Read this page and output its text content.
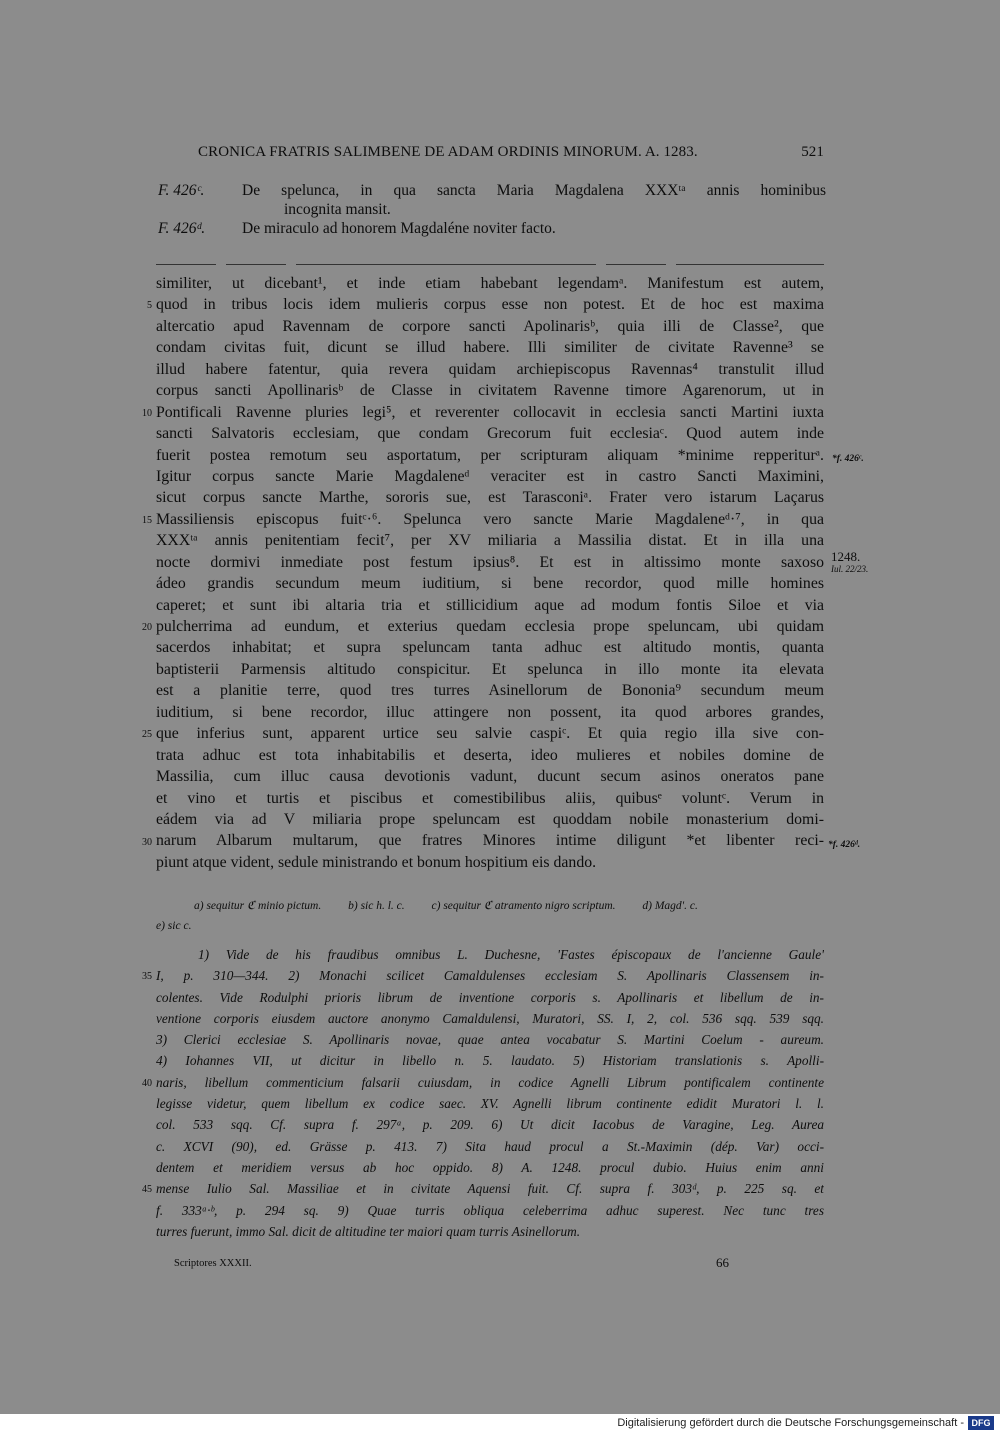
CRONICA FRATRIS SALIMBENE DE ADAM ORDINIS MINORUM. A. 1283.	521
F. 426ᶜ.	De spelunca, in qua sancta Maria Magdalena XXXᵗᵃ annis hominibus
incognita mansit.
F. 426ᵈ.	De miraculo ad honorem Magdaléne noviter facto.
similiter, ut dicebant¹, et inde etiam habebant legendamᵃ. Manifestum est autem,
quod in tribus locis idem mulieris corpus esse non potest. Et de hoc est maxima
altercatio apud Ravennam de corpore sancti Apolinarisᵇ, quia illi de Classe², que
condam civitas fuit, dicunt se illud habere. Illi similiter de civitate Ravenne³ se
illud habere fatentur, quia revera quidam archiepiscopus Ravennas⁴ transtulit illud
corpus sancti Apollinarisᵇ de Classe in civitatem Ravenne timore Agarenorum, ut in
Pontificali Ravenne pluries legi⁵, et reverenter collocavit in ecclesia sancti Martini iuxta
sancti Salvatoris ecclesiam, que condam Grecorum fuit ecclesiaᶜ. Quod autem inde
fuerit postea remotum seu asportatum, per scripturam aliquam *minime repperiturᵃ.
Igitur corpus sancte Marie Magdaleneᵈ veraciter est in castro Sancti Maximini,
sicut corpus sancte Marthe, sororis sue, est Tarasconiᵃ. Frater vero istarum Laçarus
Massiliensis episcopus fuitᶜ·⁶. Spelunca vero sancte Marie Magdaleneᵈ·⁷, in qua
XXXᵗᵃ annis penitentiam fecit⁷, per XV miliaria a Massilia distat. Et in illa una
nocte dormivi inmediate post festum ipsius⁸. Et est in altissimo monte saxoso
ádeo grandis secundum meum iuditium, si bene recordor, quod mille homines
caperet; et sunt ibi altaria tria et stillicidium aque ad modum fontis Siloe et via
pulcherrima ad eundum, et exterius quedam ecclesia prope speluncam, ubi quidam
sacerdos inhabitat; et supra speluncam tanta adhuc est altitudo montis, quanta
baptisterii Parmensis altitudo conspicitur. Et spelunca in illo monte ita elevata
est a planitie terre, quod tres turres Asinellorum de Bononia⁹ secundum meum
iuditium, si bene recordor, illuc attingere non possent, ita quod arbores grandes,
que inferius sunt, apparent urtice seu salvie caspiᶜ. Et quia regio illa sive con-
trata adhuc est tota inhabitabilis et deserta, ideo mulieres et nobiles domine de
Massilia, cum illuc causa devotionis vadunt, ducunt secum asinos oneratos pane
et vino et turtis et piscibus et comestibilibus aliis, quibusᵉ voluntᶜ. Verum in
eádem via ad V miliaria prope speluncam est quoddam nobile monasterium domi-
narum Albarum multarum, que fratres Minores intime diligunt *et libenter reci-
piunt atque vident, sedule ministrando et bonum hospitium eis dando.
*f. 426ᶜ.
1248.
Iul. 22/23.
*f. 426ᵈ.
a) sequitur ℭ minio pictum. b) sic h. l. c. c) sequitur ℭ atramento nigro scriptum. d) Magd'. c.
e) sic c.
1) Vide de his fraudibus omnibus L. Duchesne, 'Fastes épiscopaux de l'ancienne Gaule'
I, p. 310—344. 2) Monachi scilicet Camaldulenses ecclesiam S. Apollinaris Classensem in-
colentes. Vide Rodulphi prioris librum de inventione corporis s. Apollinaris et libellum de in-
ventione corporis eiusdem auctore anonymo Camaldulensi, Muratori, SS. I, 2, col. 536 sqq. 539 sqq.
3) Clerici ecclesiae S. Apollinaris novae, quae antea vocabatur S. Martini Coelum - aureum.
4) Iohannes VII, ut dicitur in libello n. 5. laudato. 5) Historiam translationis s. Apolli-
naris, libellum commenticium falsarii cuiusdam, in codice Agnelli Librum pontificalem continente
legisse videtur, quem libellum ex codice saec. XV. Agnelli librum continente edidit Muratori l. l.
col. 533 sqq. Cf. supra f. 297ᵃ, p. 209. 6) Ut dicit Iacobus de Varagine, Leg. Aurea
c. XCVI (90), ed. Grässe p. 413. 7) Sita haud procul a St.-Maximin (dép. Var) occi-
dentem et meridiem versus ab hoc oppido. 8) A. 1248. procul dubio. Huius enim anni
mense Iulio Sal. Massiliae et in civitate Aquensi fuit. Cf. supra f. 303ᵈ, p. 225 sq. et
f. 333ᵃ·ᵇ, p. 294 sq. 9) Quae turris obliqua celeberrima adhuc superest. Nec tunc tres
turres fuerunt, immo Sal. dicit de altitudine ter maiori quam turris Asinellorum.
Scriptores XXXII.	66
Digitalisierung gefördert durch die Deutsche Forschungsgemeinschaft - DFG
5
10
15
20
25
30
35
40
45
